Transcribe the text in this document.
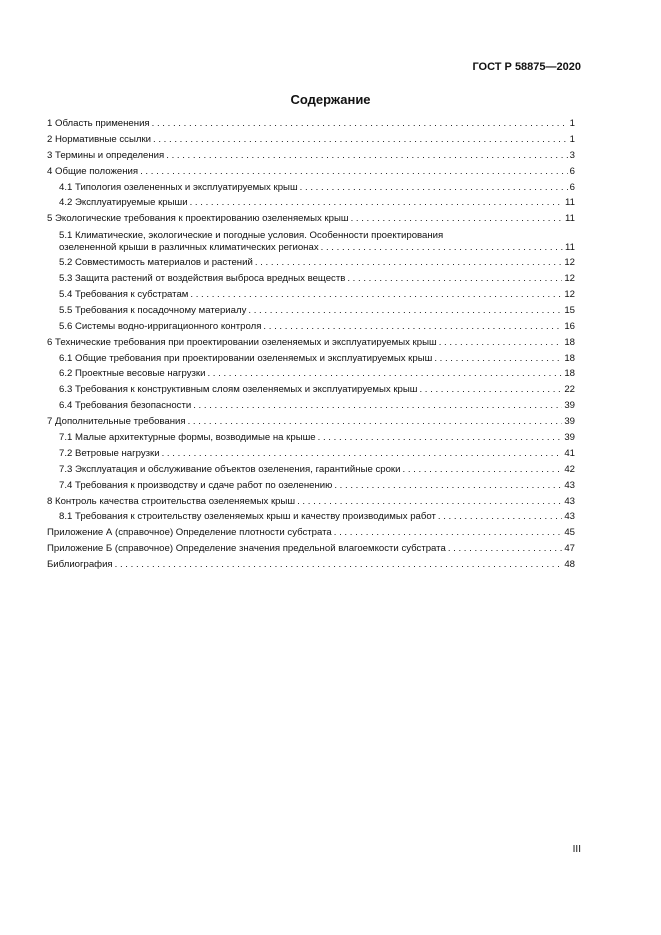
ГОСТ Р 58875—2020
Содержание
1 Область применения . . .	1
2 Нормативные ссылки . . .	1
3 Термины и определения . . .	3
4 Общие положения . . .	6
4.1 Типология озелененных и эксплуатируемых крыш . . .	6
4.2 Эксплуатируемые крыши . . .	11
5 Экологические требования к проектированию озеленяемых крыш . . .	11
5.1 Климатические, экологические и погодные условия. Особенности проектирования
озелененной крыши в различных климатических регионах . . .	11
5.2 Совместимость материалов и растений . . .	12
5.3 Защита растений от воздействия выброса вредных веществ . . .	12
5.4 Требования к субстратам . . .	12
5.5 Требования к посадочному материалу . . .	15
5.6 Системы водно-ирригационного контроля . . .	16
6 Технические требования при проектировании озеленяемых и эксплуатируемых крыш . . .	18
6.1 Общие требования при проектировании озеленяемых и эксплуатируемых крыш . . .	18
6.2 Проектные весовые нагрузки . . .	18
6.3 Требования к конструктивным слоям озеленяемых и эксплуатируемых крыш . . .	22
6.4 Требования безопасности . . .	39
7 Дополнительные требования . . .	39
7.1 Малые архитектурные формы, возводимые на крыше . . .	39
7.2 Ветровые нагрузки . . .	41
7.3 Эксплуатация и обслуживание объектов озеленения, гарантийные сроки . . .	42
7.4 Требования к производству и сдаче работ по озеленению . . .	43
8 Контроль качества строительства озеленяемых крыш . . .	43
8.1 Требования к строительству озеленяемых крыш и качеству производимых работ . . .	43
Приложение А (справочное) Определение плотности субстрата . . .	45
Приложение Б (справочное) Определение значения предельной влагоемкости субстрата . . .	47
Библиография . . .	48
III
